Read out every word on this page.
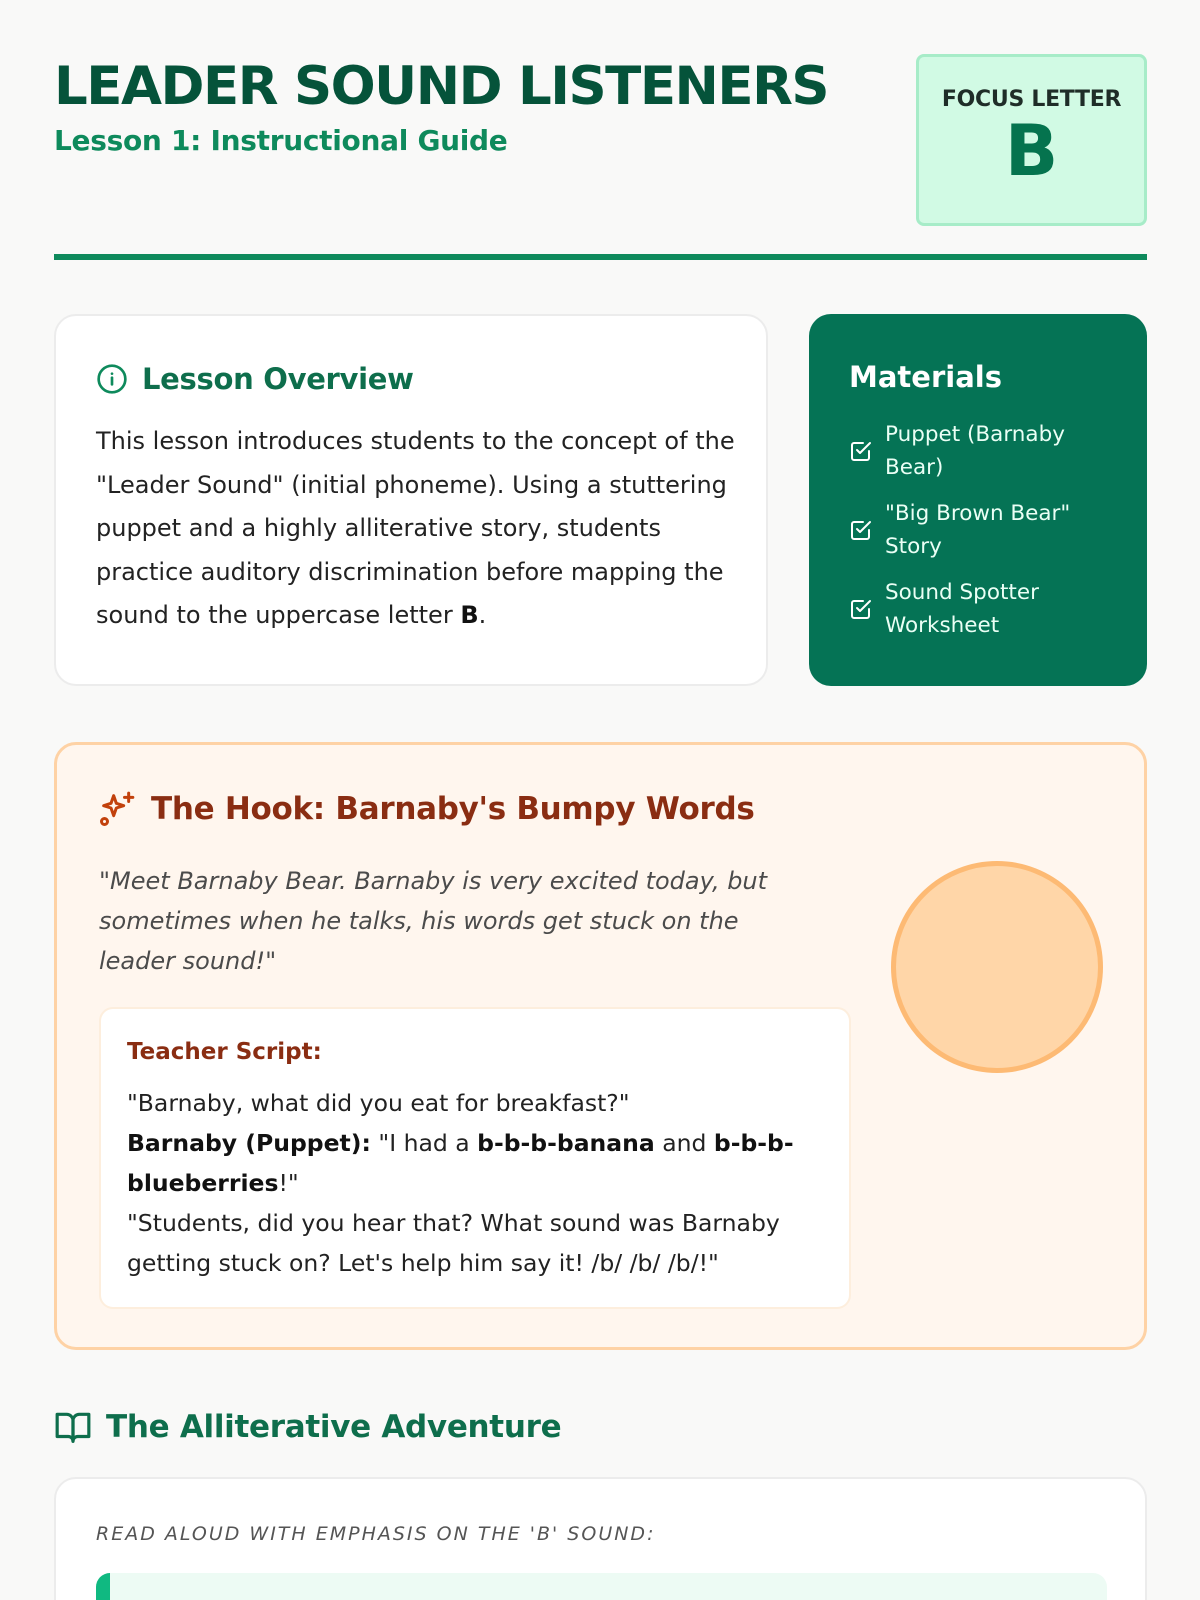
LEADER SOUND LISTENERS
Lesson 1: Instructional Guide
FOCUS LETTER
B
Lesson Overview

This lesson introduces students to the concept of the "Leader Sound" (initial phoneme). Using a stuttering puppet and a highly alliterative story, students practice auditory discrimination before mapping the sound to the uppercase letter B.

Materials
Puppet (Barnaby Bear)
"Big Brown Bear" Story
Sound Spotter Worksheet
The Hook: Barnaby's Bumpy Words

"Meet Barnaby Bear. Barnaby is very excited today, but sometimes when he talks, his words get stuck on the leader sound!"

Teacher Script:
"Barnaby, what did you eat for breakfast?"
Barnaby (Puppet): "I had a b-b-b-banana and b-b-b-blueberries!"
"Students, did you hear that? What sound was Barnaby getting stuck on? Let's help him say it! /b/ /b/ /b/!"
The Alliterative Adventure
READ ALOUD WITH EMPHASIS ON THE 'B' SOUND:
